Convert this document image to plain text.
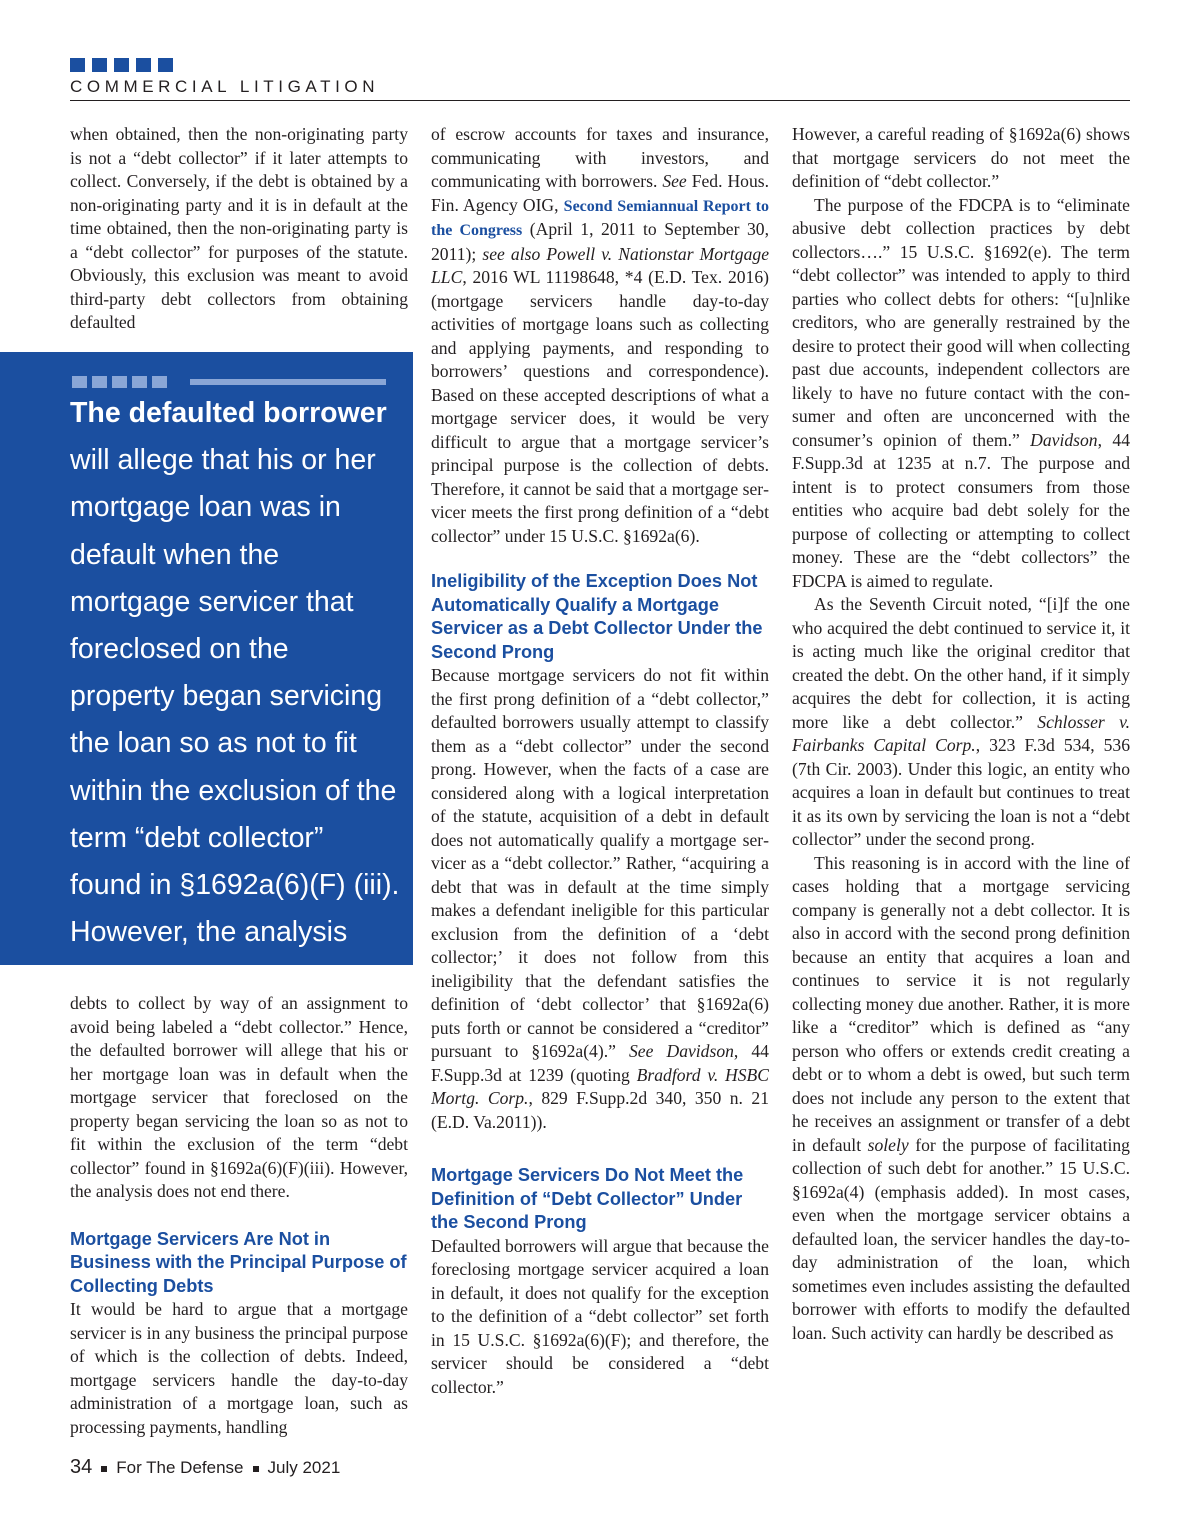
COMMERCIAL LITIGATION

when obtained, then the non-originating party is not a “debt collector” if it later attempts to collect. Conversely, if the debt is obtained by a non-originating party and it is in default at the time obtained, then the non-originating party is a “debt collector” for purposes of the statute. Obviously, this exclusion was meant to avoid third-party debt collectors from obtaining defaulted

The defaulted borrower will allege that his or her mortgage loan was in default when the mortgage servicer that foreclosed on the property began servicing the loan so as not to fit within the exclusion of the term “debt collector” found in §1692a(6)(F) (iii). However, the analysis does not end there.

debts to collect by way of an assignment to avoid being labeled a “debt collector.” Hence, the defaulted borrower will allege that his or her mortgage loan was in default when the mortgage servicer that foreclosed on the property began servicing the loan so as not to fit within the exclusion of the term “debt collector” found in §1692a(6)(F)(iii). However, the analysis does not end there.

Mortgage Servicers Are Not in Business with the Principal Purpose of Collecting Debts

It would be hard to argue that a mortgage servicer is in any business the principal purpose of which is the collection of debts. Indeed, mortgage servicers handle the day-to-day administration of a mortgage loan, such as processing payments, handling

of escrow accounts for taxes and insurance, communicating with investors, and communicating with borrowers. See Fed. Hous. Fin. Agency OIG, Second Semiannual Report to the Congress (April 1, 2011 to September 30, 2011); see also Powell v. Nationstar Mortgage LLC, 2016 WL 11198648, *4 (E.D. Tex. 2016) (mortgage servicers handle day-to-day activities of mortgage loans such as collecting and applying payments, and responding to borrowers’ questions and correspondence). Based on these accepted descriptions of what a mortgage servicer does, it would be very difficult to argue that a mortgage servicer’s principal purpose is the collection of debts. Therefore, it cannot be said that a mortgage servicer meets the first prong definition of a “debt collector” under 15 U.S.C. §1692a(6).

Ineligibility of the Exception Does Not Automatically Qualify a Mortgage Servicer as a Debt Collector Under the Second Prong

Because mortgage servicers do not fit within the first prong definition of a “debt collector,” defaulted borrowers usually attempt to classify them as a “debt collector” under the second prong. However, when the facts of a case are considered along with a logical interpretation of the statute, acquisition of a debt in default does not automatically qualify a mortgage servicer as a “debt collector.” Rather, “acquiring a debt that was in default at the time simply makes a defendant ineligible for this particular exclusion from the definition of a ‘debt collector;’ it does not follow from this ineligibility that the defendant satisfies the definition of ‘debt collector’ that §1692a(6) puts forth or cannot be considered a “creditor” pursuant to §1692a(4).” See Davidson, 44 F.Supp.3d at 1239 (quoting Bradford v. HSBC Mortg. Corp., 829 F.Supp.2d 340, 350 n. 21 (E.D. Va.2011)).

Mortgage Servicers Do Not Meet the Definition of “Debt Collector” Under the Second Prong

Defaulted borrowers will argue that because the foreclosing mortgage servicer acquired a loan in default, it does not qualify for the exception to the definition of a “debt collector” set forth in 15 U.S.C. §1692a(6)(F); and therefore, the servicer should be considered a “debt collector.”

However, a careful reading of §1692a(6) shows that mortgage servicers do not meet the definition of “debt collector.”

The purpose of the FDCPA is to “eliminate abusive debt collection practices by debt collectors….” 15 U.S.C. §1692(e). The term “debt collector” was intended to apply to third parties who collect debts for others: “[u]nlike creditors, who are generally restrained by the desire to protect their good will when collecting past due accounts, independent collectors are likely to have no future contact with the consumer and often are unconcerned with the consumer’s opinion of them.” Davidson, 44 F.Supp.3d at 1235 at n.7. The purpose and intent is to protect consumers from those entities who acquire bad debt solely for the purpose of collecting or attempting to collect money. These are the “debt collectors” the FDCPA is aimed to regulate.

As the Seventh Circuit noted, “[i]f the one who acquired the debt continued to service it, it is acting much like the original creditor that created the debt. On the other hand, if it simply acquires the debt for collection, it is acting more like a debt collector.” Schlosser v. Fairbanks Capital Corp., 323 F.3d 534, 536 (7th Cir. 2003). Under this logic, an entity who acquires a loan in default but continues to treat it as its own by servicing the loan is not a “debt collector” under the second prong.

This reasoning is in accord with the line of cases holding that a mortgage servicing company is generally not a debt collector. It is also in accord with the second prong definition because an entity that acquires a loan and continues to service it is not regularly collecting money due another. Rather, it is more like a “creditor” which is defined as “any person who offers or extends credit creating a debt or to whom a debt is owed, but such term does not include any person to the extent that he receives an assignment or transfer of a debt in default solely for the purpose of facilitating collection of such debt for another.” 15 U.S.C. §1692a(4) (emphasis added). In most cases, even when the mortgage servicer obtains a defaulted loan, the servicer handles the day-to-day administration of the loan, which sometimes even includes assisting the defaulted borrower with efforts to modify the defaulted loan. Such activity can hardly be described as

34 For The Defense July 2021
